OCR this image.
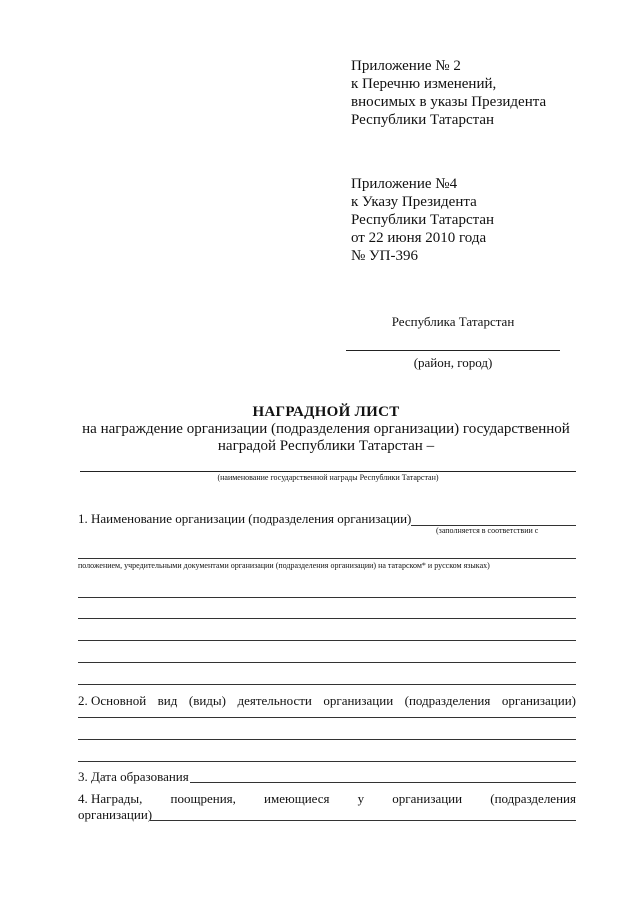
Приложение № 2
к Перечню изменений,
вносимых в указы Президента
Республики Татарстан
Приложение №4
к Указу Президента
Республики Татарстан
от 22 июня 2010 года
№ УП-396
Республика Татарстан
(район, город)
НАГРАДНОЙ ЛИСТ
на награждение организации (подразделения организации) государственной
наградой Республики Татарстан –
(наименование государственной награды Республики Татарстан)
1. Наименование организации (подразделения организации)
(заполняется в соответствии с
положением, учредительными документами организации (подразделения организации) на татарском* и русском языках)
2. Основной вид (виды) деятельности организации (подразделения организации)
3. Дата образования
4. Награды, поощрения, имеющиеся у организации (подразделения
организации)
